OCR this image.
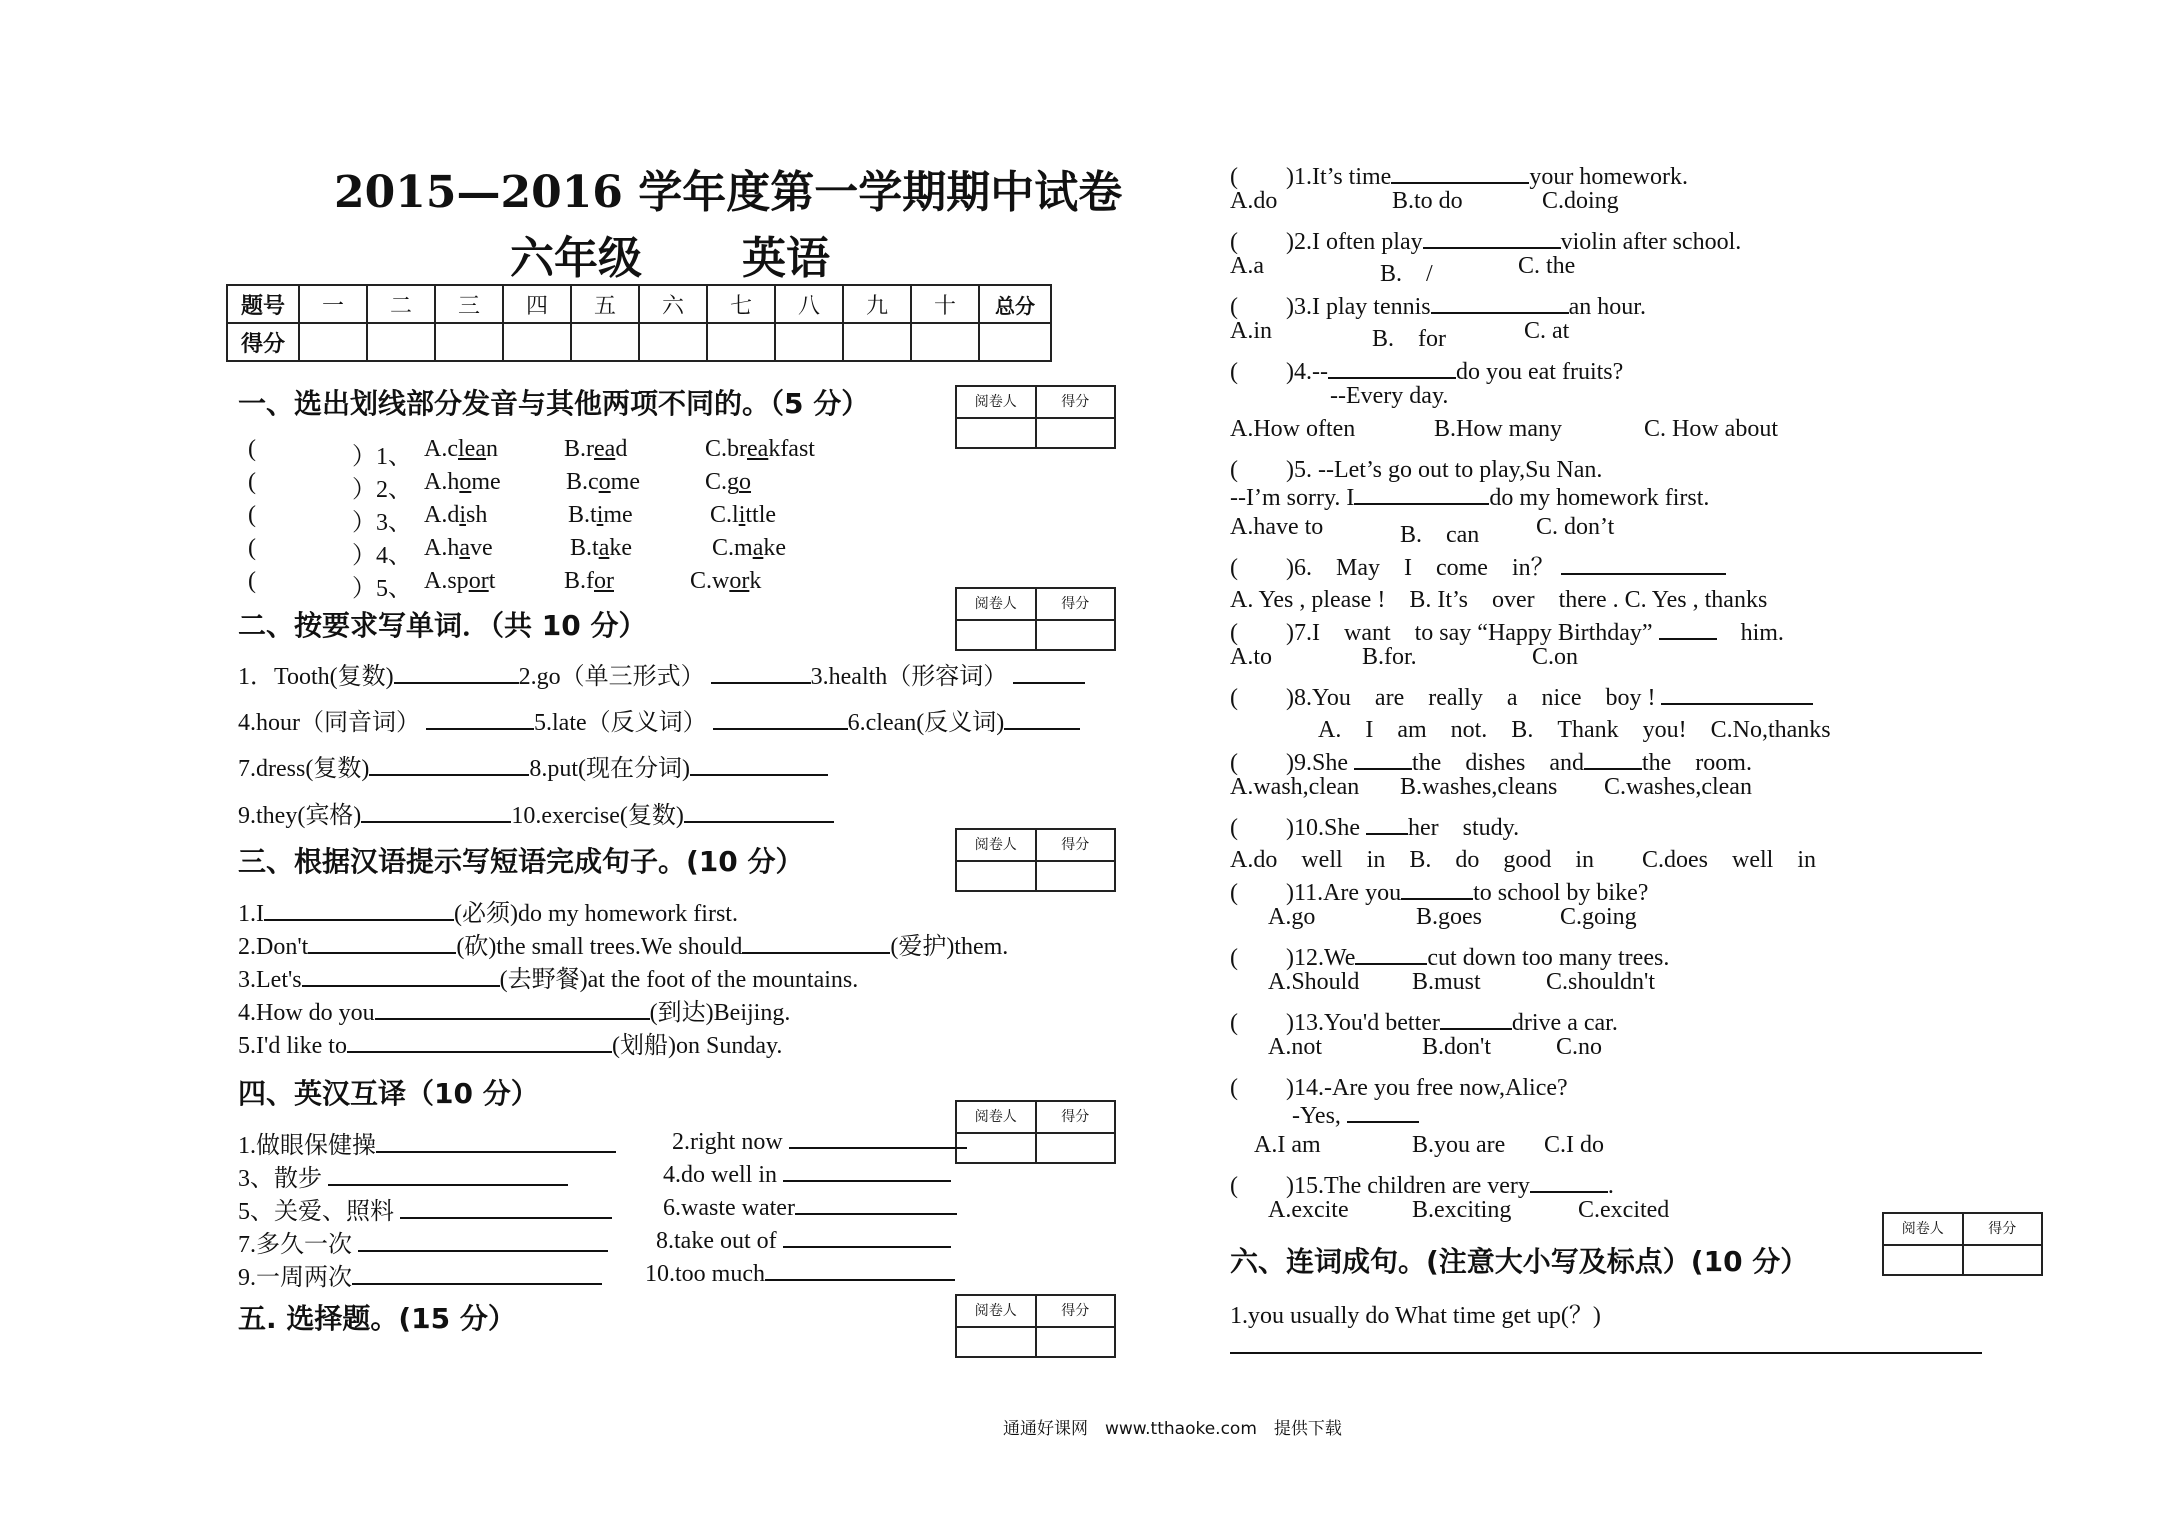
2015—2016 学年度第一学期期中试卷
六年级 英语
题号	一	二	三	四	五	六	七	八	九	十	总分
得分											
阅卷人	得分
阅卷人	得分
阅卷人	得分
阅卷人	得分
阅卷人	得分
阅卷人	得分
一、选出划线部分发音与其他两项不同的。（5 分）
(	）1、 A.clean	B.read	C.breakfast
(	）2、 A.home	B.come	C.go
(	）3、 A.dish	B.time	C.little
(	）4、 A.have	B.take	C.make
(	）5、 A.sport	B.for	C.work
二、按要求写单词．（共 10 分）
1．Tooth(复数)	2.go（单三形式）	3.health（形容词）
4.hour（同音词）	5.late（反义词）	6.clean(反义词)
7.dress(复数)	8.put(现在分词)
9.they(宾格)	10.exercise(复数)
三、根据汉语提示写短语完成句子。(10 分）
1.I	(必须)do my homework first.
2.Don't	(砍)the small trees.We should	(爱护)them.
3.Let's	(去野餐)at the foot of the mountains.
4.How do you	(到达)Beijing.
5.I'd like to	(划船)on Sunday.
四、英汉互译（10 分）
1.做眼保健操
3、散步
5、关爱、照料
7.多久一次
9.一周两次
2.right now
4.do well in
6.waste water
8.take out of
10.too much
五. 选择题。(15 分）
(　　 )1.It’s time	your homework.
A.do	B.to do	C.doing
(　　 )2.I often play	violin after school.
A.a	B.　/	C. the
(　　 )3.I play tennis	an hour.
A.in	B.　for	C. at
(　　 )4.--	do you eat fruits?
--Every day.
A.How often	B.How many	C. How about
(　　 )5. --Let’s go out to play,Su Nan.
--I’m sorry. I	do my homework first.
A.have to	B.　can C. don’t
(　　 )6.　May　I　come　in？
A. Yes , please !　B. It’s　over　there . C. Yes , thanks
(　　 )7.I　want　to say “Happy Birthday” 　	him.
A.to	B.for.	C.on
(　　 )8.You　are　really　a　nice　boy !
A.　I　am　not.　B.　Thank　you!　C.No,thanks
(　　 )9.She	the　dishes　and the　room.
A.wash,clean B.washes,cleans C.washes,clean
(　　 )10.She her　study.
A.do　well　in　B.　do　good　in　　C.does　well　in
(　　 )11.Are you	to school by bike?
A.go	B.goes	C.going
(　　 )12.We	cut down too many trees.
A.Should B.must	C.shouldn't
(　　 )13.You'd better	drive a car.
A.not	B.don't	C.no
(　　 )14.-Are you free now,Alice?
-Yes,
A.I am	B.you are C.I do
(　　 )15.The children are very	.
A.excite	B.exciting	C.excited
六、连词成句。(注意大小写及标点）(10 分）
1.you usually do What time get up(？)
通通好课网　www.tthaoke.com　提供下载
